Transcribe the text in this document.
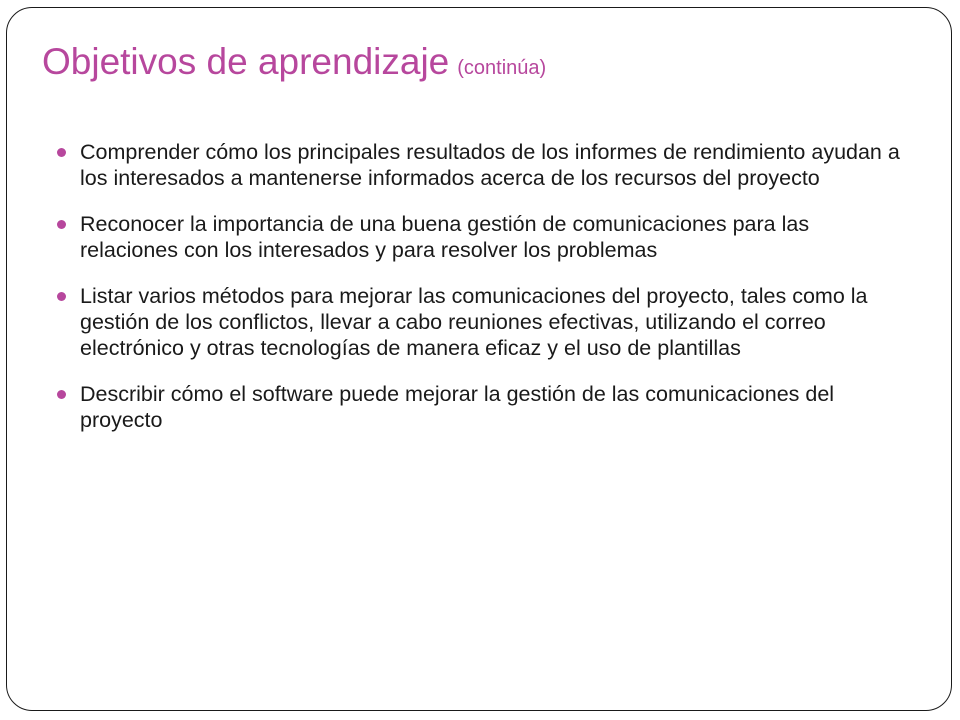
Objetivos de aprendizaje (continúa)
Comprender cómo los principales resultados de los informes de rendimiento ayudan a los interesados a mantenerse informados acerca de los recursos del proyecto
Reconocer la importancia de una buena gestión de comunicaciones para las relaciones con los interesados y para resolver los problemas
Listar varios métodos para mejorar las comunicaciones del proyecto, tales como la gestión de los conflictos, llevar a cabo reuniones efectivas, utilizando el correo electrónico y otras tecnologías de manera eficaz y el uso de plantillas
Describir cómo el software puede mejorar la gestión de las comunicaciones del proyecto
